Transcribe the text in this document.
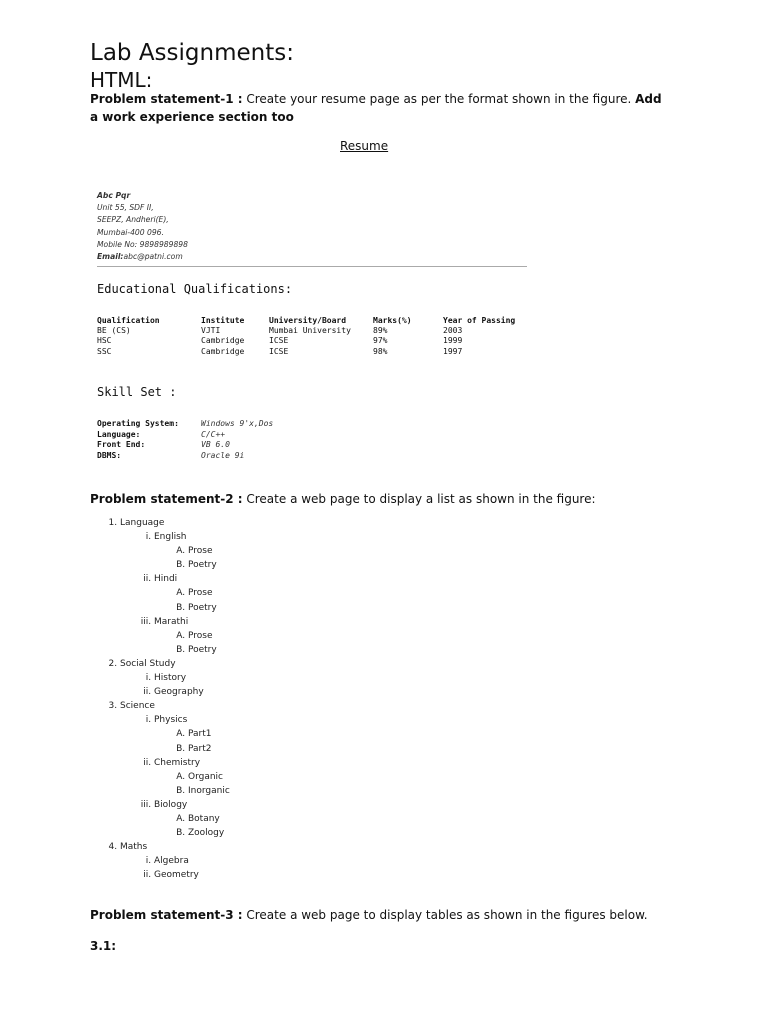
Lab Assignments:
HTML:
Problem statement-1 : Create your resume page as per the format shown in the figure. Add a work experience section too
Resume
Abc Pqr
Unit 55, SDF II,
SEEPZ, Andheri(E),
Mumbai-400 096.
Mobile No: 9898989898
Email:abc@patni.com
Educational Qualifications:
Qualification	Institute	University/Board	Marks(%)	Year of Passing
BE (CS)	VJTI	Mumbai University	89%	2003
HSC	Cambridge	ICSE	97%	1999
SSC	Cambridge	ICSE	98%	1997
Skill Set :
Operating System:	Windows 9'x,Dos
Language:	C/C++
Front End:	VB 6.0
DBMS:	Oracle 9i
Problem statement-2 : Create a web page to display a list as shown in the figure:
1. Language
i. English
A. Prose
B. Poetry
ii. Hindi
A. Prose
B. Poetry
iii. Marathi
A. Prose
B. Poetry
2. Social Study
i. History
ii. Geography
3. Science
i. Physics
A. Part1
B. Part2
ii. Chemistry
A. Organic
B. Inorganic
iii. Biology
A. Botany
B. Zoology
4. Maths
i. Algebra
ii. Geometry
Problem statement-3 : Create a web page to display tables as shown in the figures below.
3.1:
